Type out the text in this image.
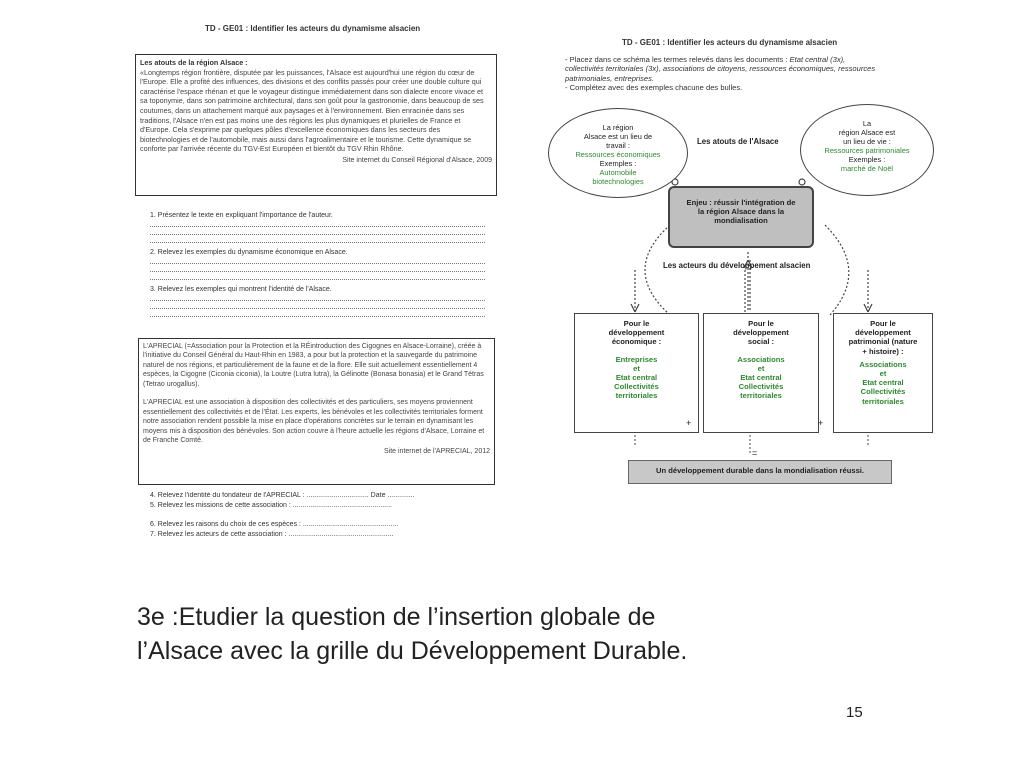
TD - GE01 : Identifier les acteurs du dynamisme alsacien
Les atouts de la région Alsace :
«Longtemps région frontière, disputée par les puissances, l'Alsace est aujourd'hui une région du cœur de l'Europe. Elle a profité des influences, des divisions et des conflits passés pour créer une double culture qui caractérise l'espace rhénan et que le voyageur distingue immédiatement dans son dialecte encore vivace et sa toponymie, dans son patrimoine architectural, dans son goût pour la gastronomie, dans beaucoup de ses coutumes, dans un attachement marqué aux paysages et à l'environnement. Bien enracinée dans ses traditions, l'Alsace n'en est pas moins une des régions les plus dynamiques et plurielles de France et d'Europe. Cela s'exprime par quelques pôles d'excellence économiques dans les secteurs des biotechnologies et de l'automobile, mais aussi dans l'agroalimentaire et le tourisme. Cette dynamique se conforte par l'arrivée récente du TGV-Est Européen et bientôt du TGV Rhin Rhône.
Site internet du Conseil Régional d'Alsace, 2009
1. Présentez le texte en expliquant l'importance de l'auteur.
2. Relevez les exemples du dynamisme économique en Alsace.
3. Relevez les exemples qui montrent l'identité de l'Alsace.
L'APRECIAL (=Association pour la Protection et la RÉintroduction des Cigognes en Alsace-Lorraine), créée à l'initiative du Conseil Général du Haut-Rhin en 1983, a pour but la protection et la sauvegarde du patrimoine naturel de nos régions, et particulièrement de la faune et de la flore. Elle suit actuellement essentiellement 4 espèces, la Cigogne (Ciconia ciconia), la Loutre (Lutra lutra), la Gélinotte (Bonasa bonasia) et le Grand Tétras (Tetrao urogallus).

L'APRECIAL est une association à disposition des collectivités et des particuliers, ses moyens proviennent essentiellement des collectivités et de l'État. Les experts, les bénévoles et les collectivités territoriales forment notre association rendent possible la mise en place d'opérations concrètes sur le terrain en dynamisant les moyens mis à disposition des bénévoles. Son action couvre à l'heure actuelle les régions d'Alsace, Lorraine et de Franche Comté.
Site internet de l'APRECIAL, 2012
4. Relevez l'identité du fondateur de l'APRECIAL : ................................ Date ..............
5. Relevez les missions de cette association : ...................................................
6. Relevez les raisons du choix de ces espèces : .................................................
7. Relevez les acteurs de cette association : ......................................................
TD - GE01 : Identifier les acteurs du dynamisme alsacien
- Placez dans ce schéma les termes relevés dans les documents : Etat central (3x),
collectivités territoriales (3x), associations de citoyens, ressources économiques, ressources patrimoniales, entreprises.
- Complétez avec des exemples chacune des bulles.
La région
Alsace est un lieu de
travail :
Ressources économiques
Exemples :
Automobile
biotechnologies
Les atouts de l'Alsace
La
région Alsace est
un lieu de vie :
Ressources patrimoniales
Exemples :
marché de Noël
Enjeu : réussir l'intégration de
la région Alsace dans la
mondialisation
Les acteurs du développement alsacien
Pour le
développement
économique :
Entreprises
et
Etat central
Collectivités
territoriales
Pour le
développement
social :
Associations
et
Etat central
Collectivités
territoriales
Pour le
développement
patrimonial (nature
+ histoire) :
Associations
et
Etat central
Collectivités
territoriales
+	+
=
Un développement durable dans la mondialisation réussi.
3e :Etudier la question de l’insertion globale de
l’Alsace avec la grille du Développement Durable.
15
